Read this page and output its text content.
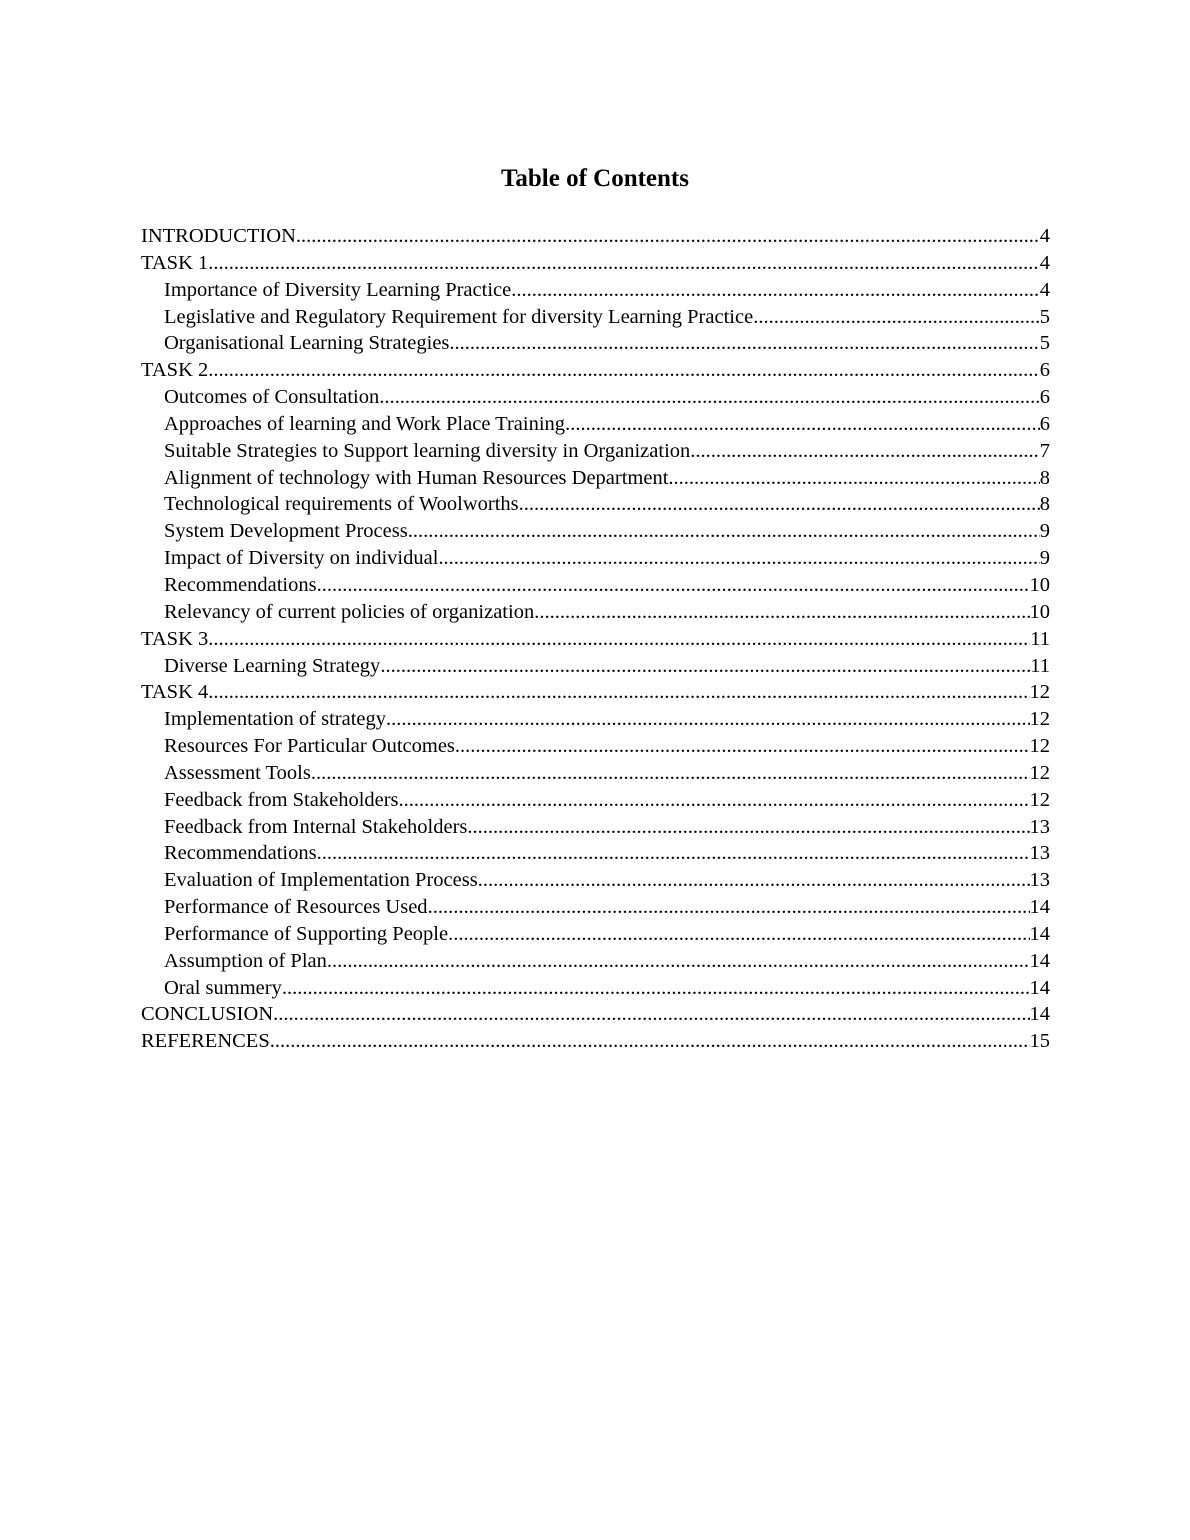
Table of Contents
INTRODUCTION .....	4
TASK 1 .....	4
Importance of Diversity Learning Practice .....	4
Legislative and Regulatory Requirement for diversity Learning Practice .....	5
Organisational Learning Strategies .....	5
TASK 2 .....	6
Outcomes of Consultation .....	6
Approaches of learning and Work Place Training .....	6
Suitable Strategies to Support learning diversity in Organization .....	7
Alignment of technology with Human Resources Department .....	8
Technological requirements of Woolworths .....	8
System Development Process .....	9
Impact of Diversity on individual .....	9
Recommendations .....	10
Relevancy of current policies of organization .....	10
TASK 3 .....	11
Diverse Learning Strategy .....	11
TASK 4 .....	12
Implementation of strategy .....	12
Resources For Particular Outcomes .....	12
Assessment Tools .....	12
Feedback from Stakeholders .....	12
Feedback from Internal Stakeholders .....	13
Recommendations .....	13
Evaluation of Implementation Process .....	13
Performance of Resources Used .....	14
Performance of Supporting People .....	14
Assumption of Plan .....	14
Oral summery .....	14
CONCLUSION .....	14
REFERENCES .....	15
